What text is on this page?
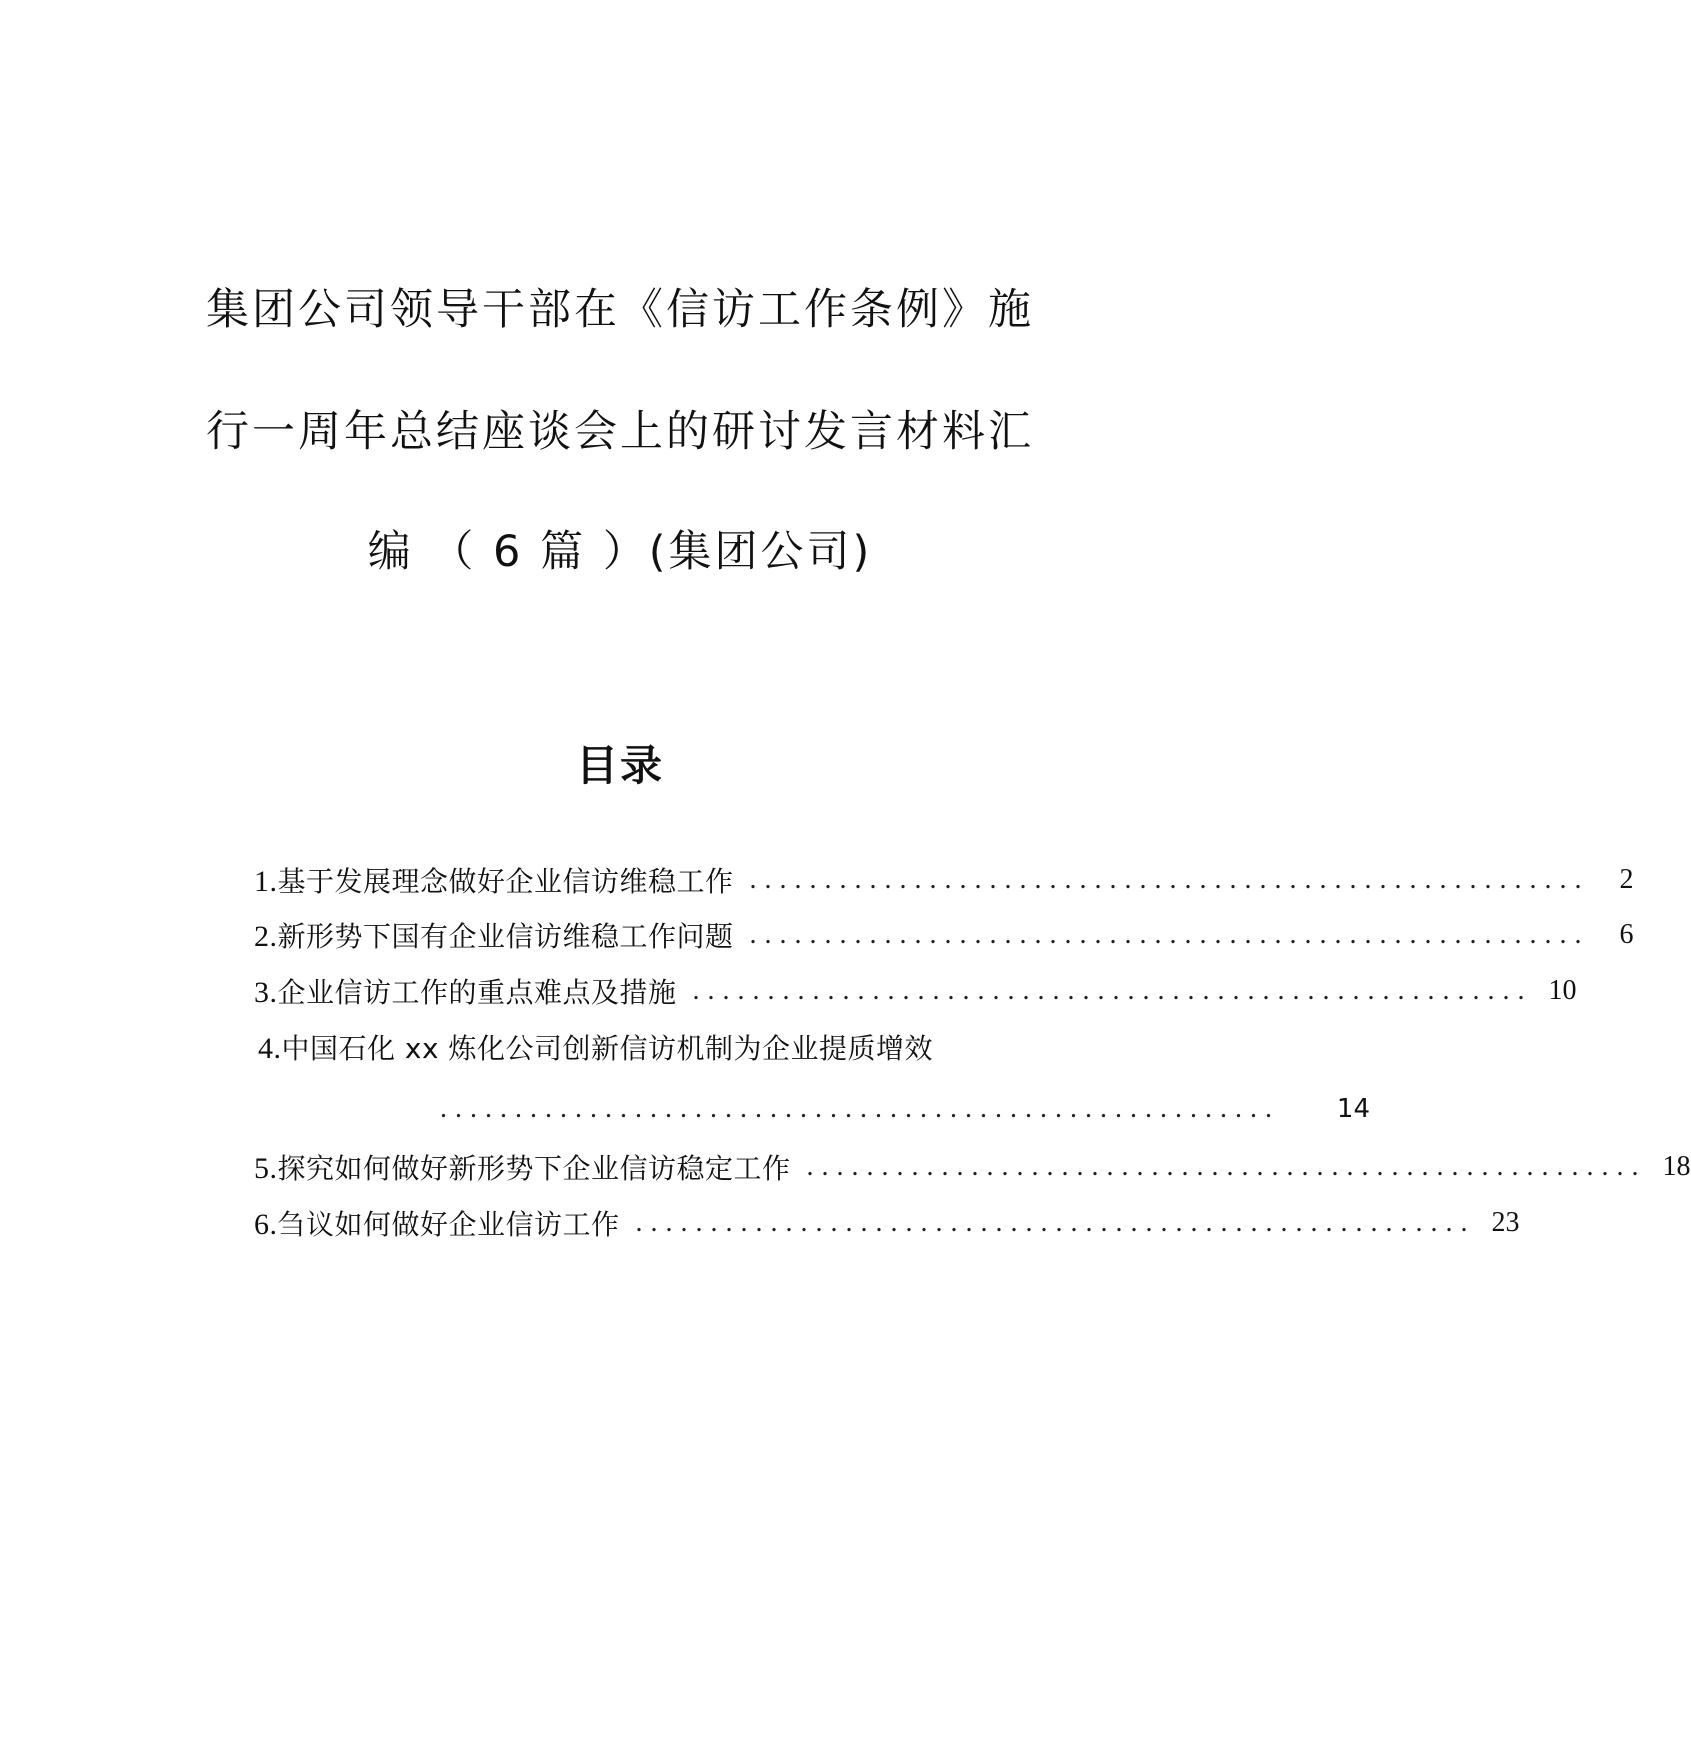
集团公司领导干部在《信访工作条例》施
行一周年总结座谈会上的研讨发言材料汇
编 （ 6 篇 ）(集团公司)
目录
1.基于发展理念做好企业信访维稳工作 ........................................................	2
2.新形势下国有企业信访维稳工作问题 ........................................................	6
3.企业信访工作的重点难点及措施 ........................................................ 10
4.中国石化 xx 炼化公司创新信访机制为企业提质增效
........................................................	14
5.探究如何做好新形势下企业信访稳定工作 ........................................................ 18
6.刍议如何做好企业信访工作 ........................................................ 23
